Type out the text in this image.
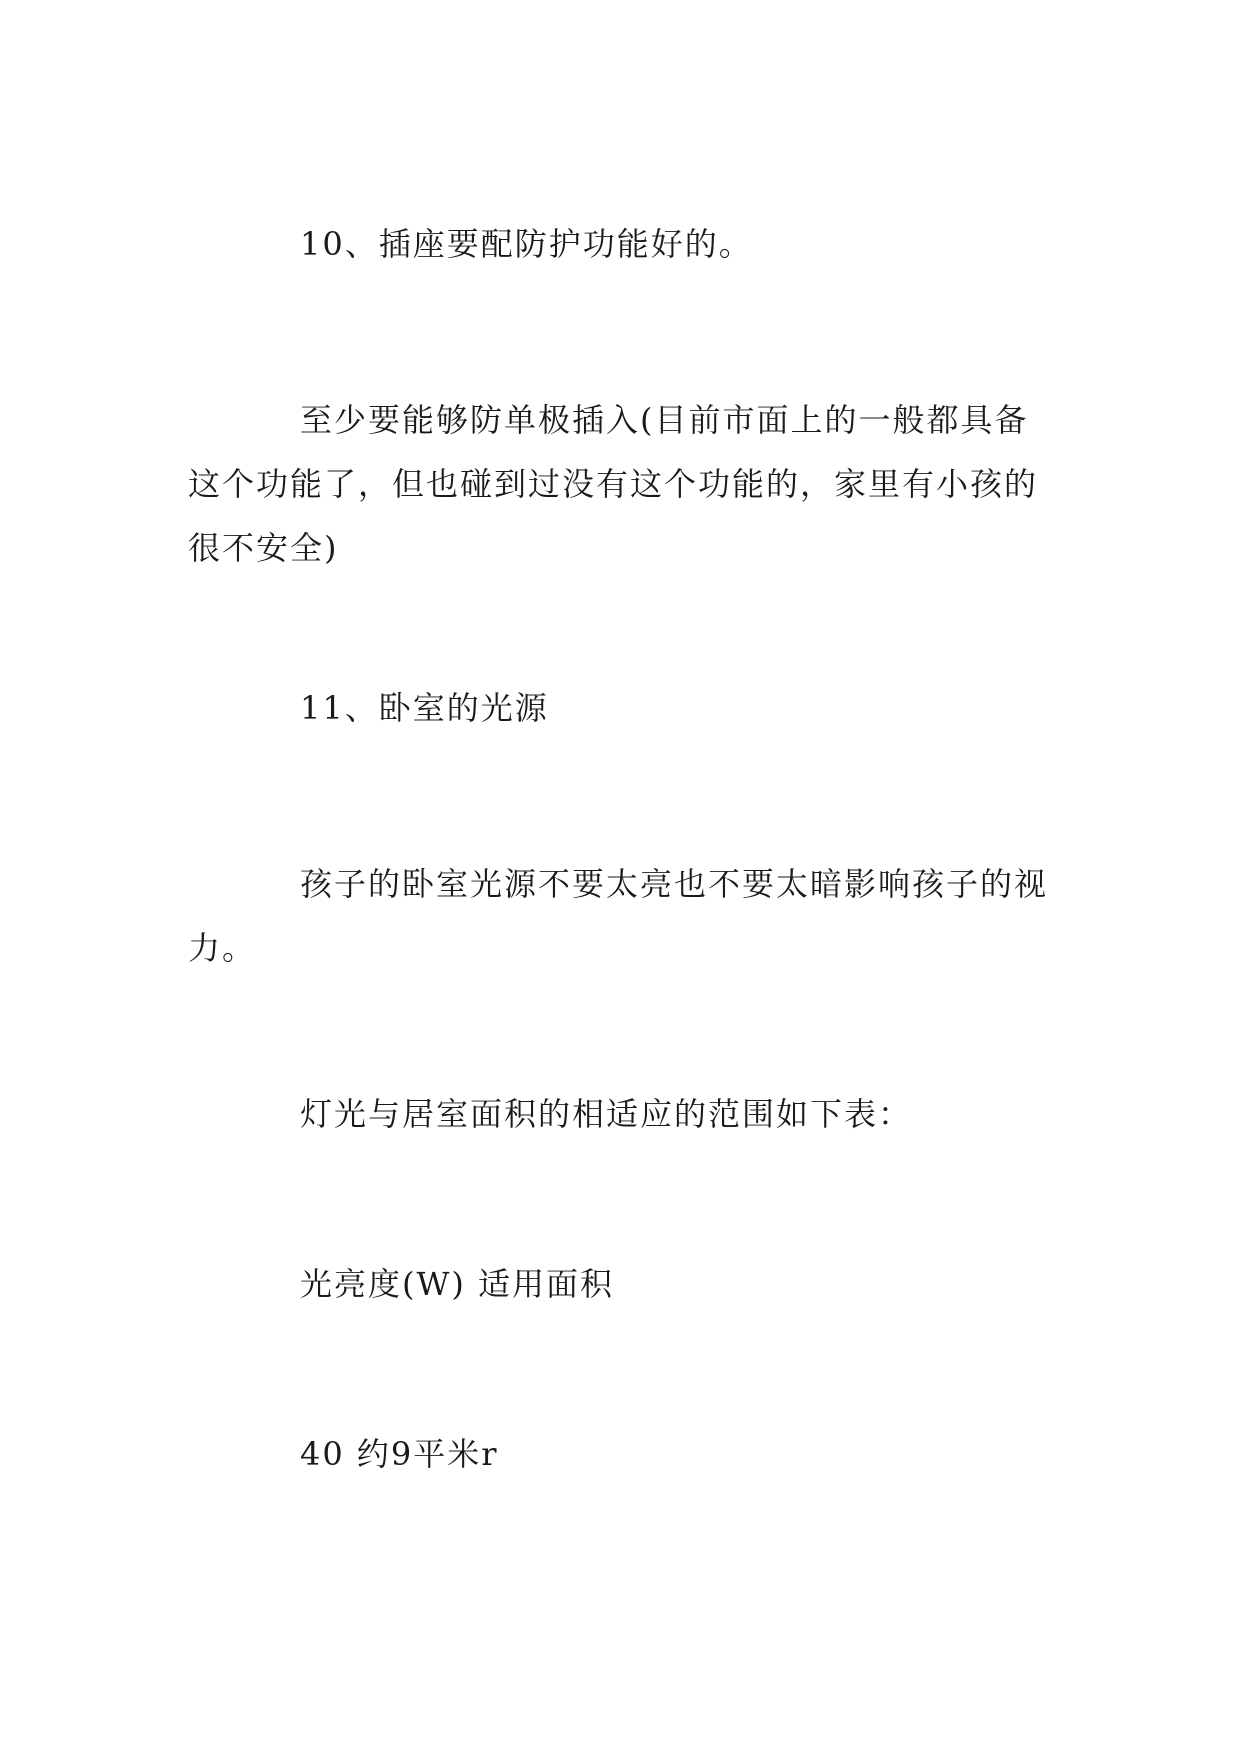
10、插座要配防护功能好的。

至少要能够防单极插入(目前市面上的一般都具备这个功能了，但也碰到过没有这个功能的，家里有小孩的很不安全)

11、卧室的光源

孩子的卧室光源不要太亮也不要太暗影响孩子的视力。

灯光与居室面积的相适应的范围如下表：

光亮度(W) 适用面积

40 约9平米r
